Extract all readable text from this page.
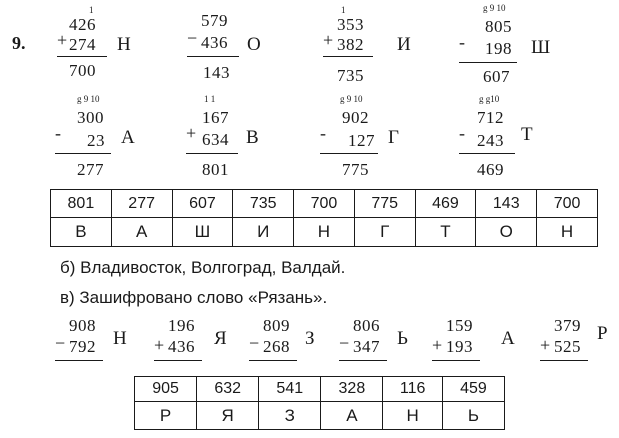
9.
1
+
426
274
700
Н	−
579
436
143
О
1
+
353
382
735
И
g 9 10
-
805
198
607
Ш
g 9 10
-
300
23
277
А
1 1
+
167
634
801
В
g 9 10
-
902
127
775
Г
g g10
-
712
243
469
Т
801	277	607	735	700	775	469	143	700
В	А	Ш	И	Н	Г	Т	О	Н
б) Владивосток, Волгоград, Валдай.
в) Зашифровано слово «Рязань».
−
908
792 Н +
196
436 Я −
809
268 З −
806
347 Ь +
159
193 А +
379
525
Р
905	632	541	328	116	459
Р	Я	З	А	Н	Ь
